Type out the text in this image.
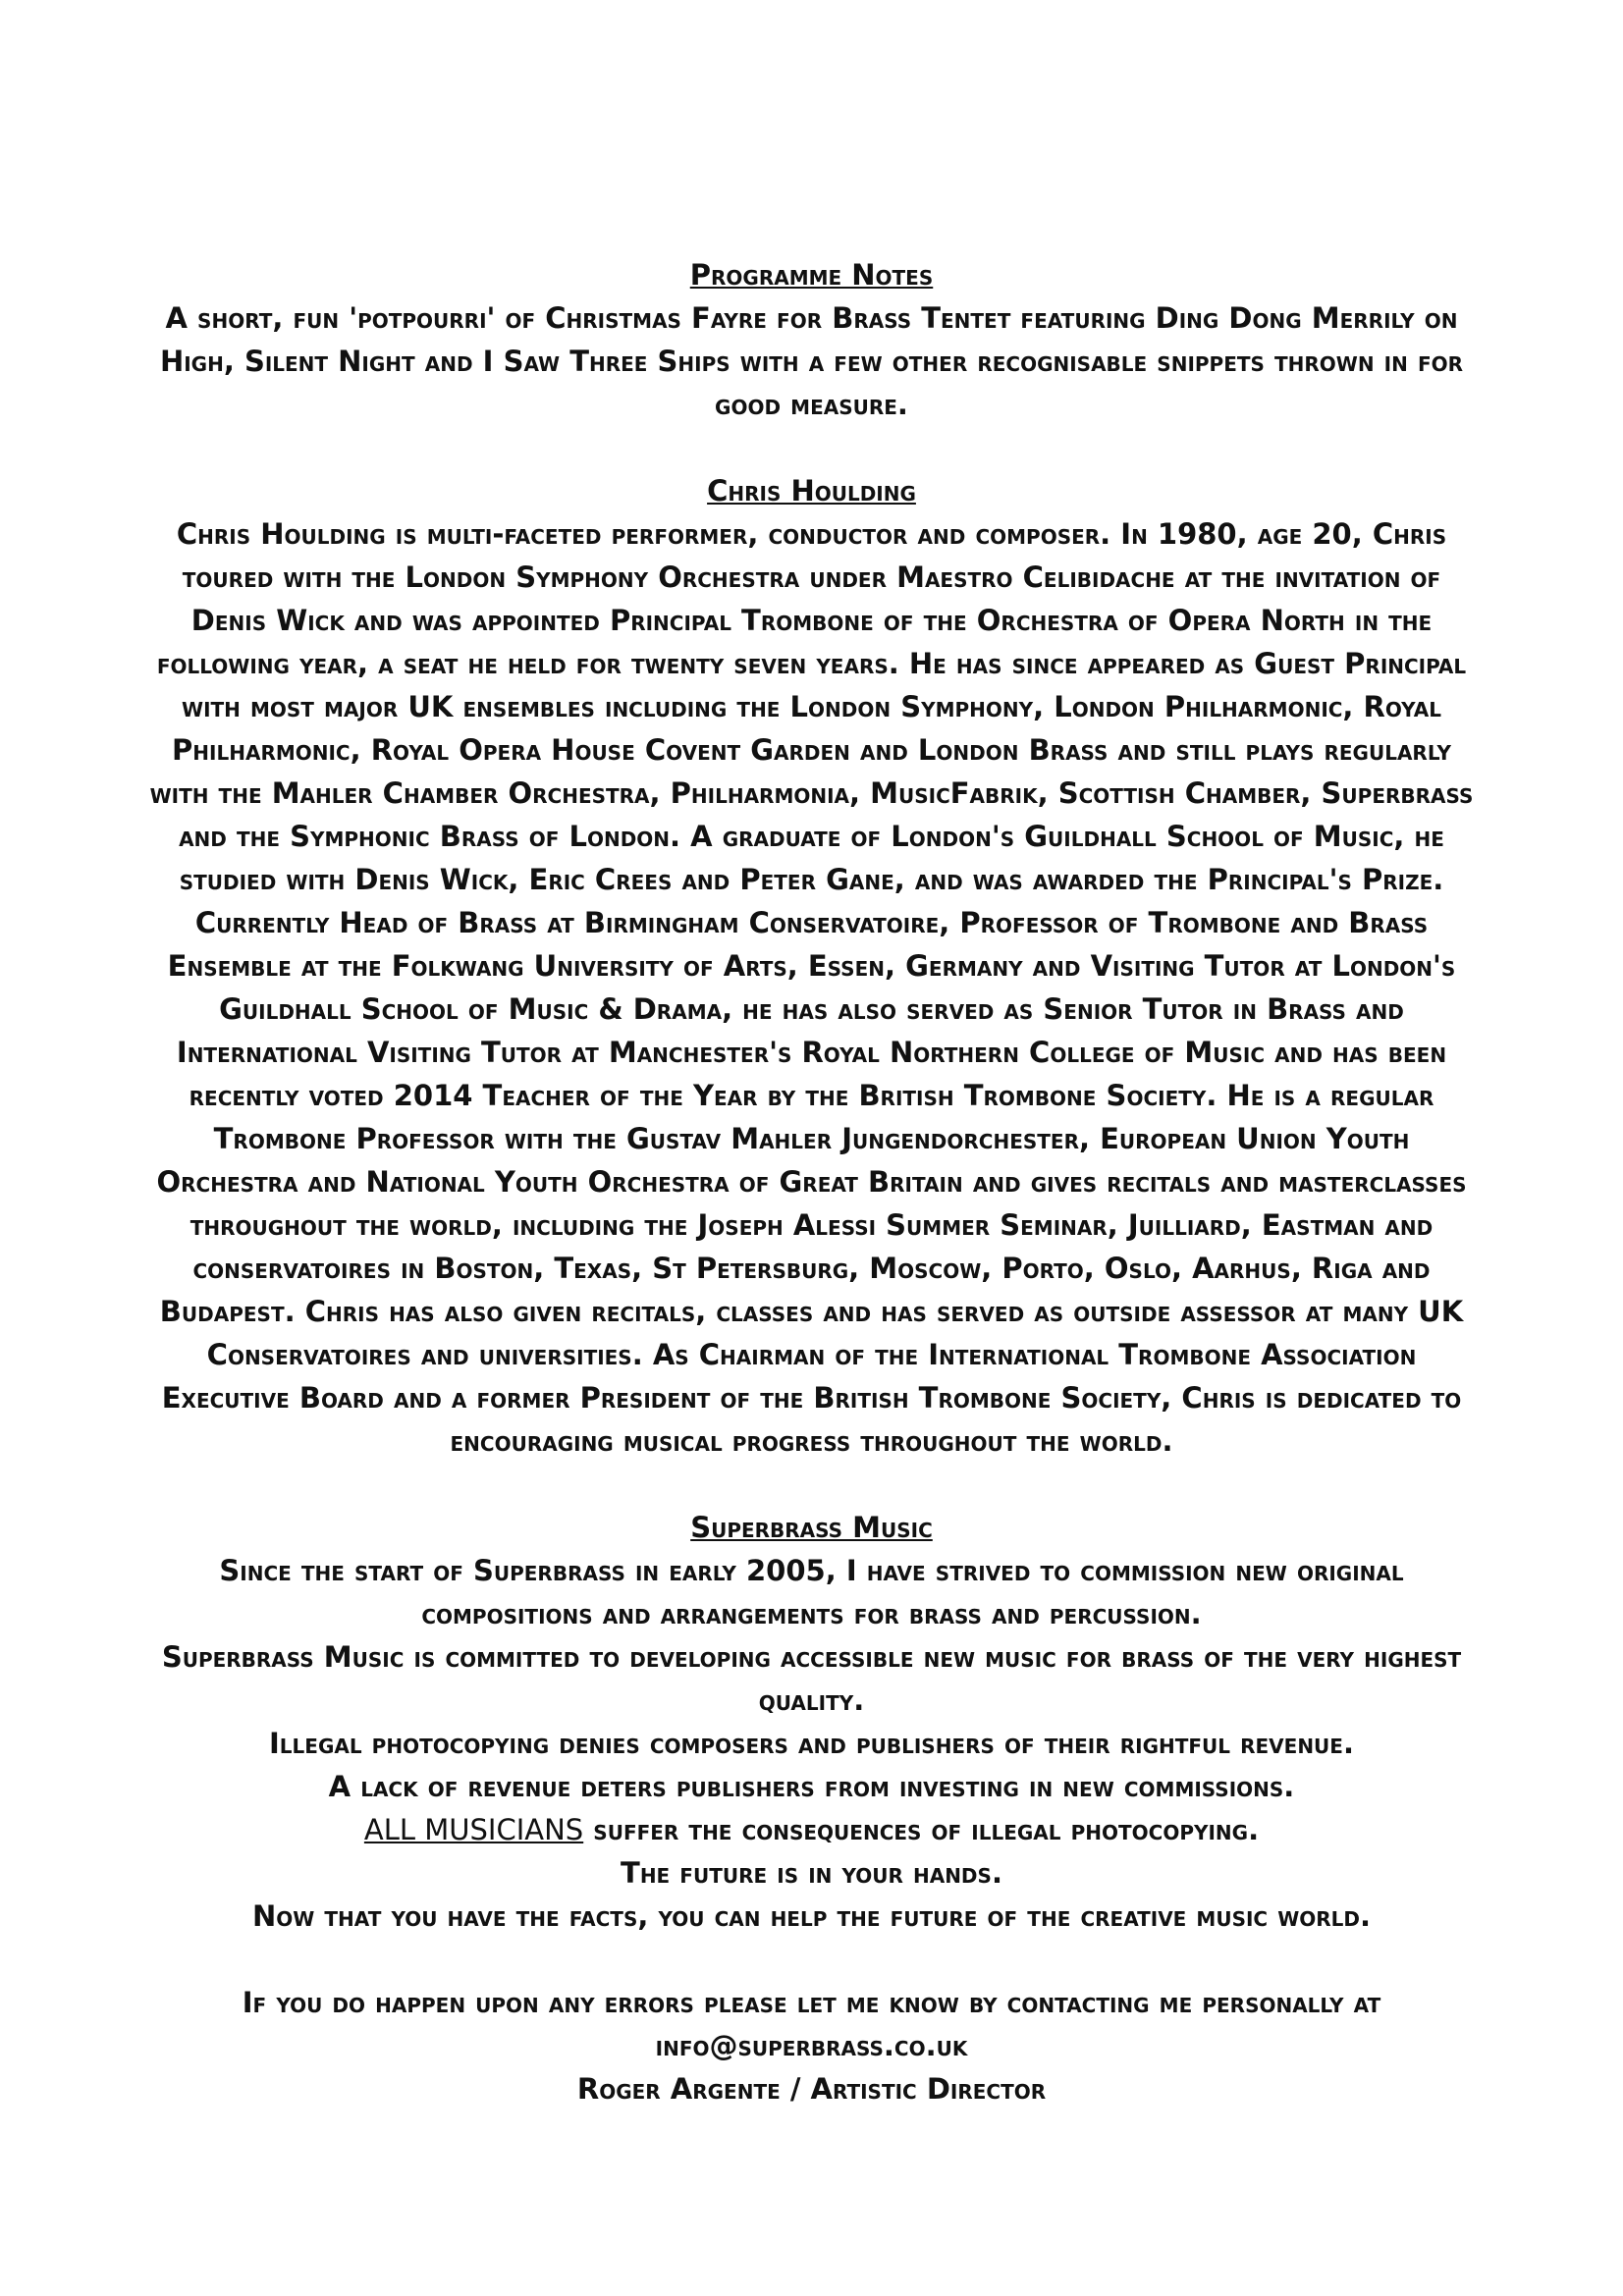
Programme Notes

A short, fun 'potpourri' of Christmas Fayre for Brass Tentet featuring Ding Dong Merrily on High, Silent Night and I Saw Three Ships with a few other recognisable snippets thrown in for good measure.

Chris Houlding

Chris Houlding is multi-faceted performer, conductor and composer. In 1980, age 20, Chris toured with the London Symphony Orchestra under Maestro Celibidache at the invitation of Denis Wick and was appointed Principal Trombone of the Orchestra of Opera North in the following year, a seat he held for twenty seven years. He has since appeared as Guest Principal with most major UK ensembles including the London Symphony, London Philharmonic, Royal Philharmonic, Royal Opera House Covent Garden and London Brass and still plays regularly with the Mahler Chamber Orchestra, Philharmonia, MusicFabrik, Scottish Chamber, Superbrass and the Symphonic Brass of London. A graduate of London's Guildhall School of Music, he studied with Denis Wick, Eric Crees and Peter Gane, and was awarded the Principal's Prize. Currently Head of Brass at Birmingham Conservatoire, Professor of Trombone and Brass Ensemble at the Folkwang University of Arts, Essen, Germany and Visiting Tutor at London's Guildhall School of Music & Drama, he has also served as Senior Tutor in Brass and International Visiting Tutor at Manchester's Royal Northern College of Music and has been recently voted 2014 Teacher of the Year by the British Trombone Society. He is a regular Trombone Professor with the Gustav Mahler Jungendorchester, European Union Youth Orchestra and National Youth Orchestra of Great Britain and gives recitals and masterclasses throughout the world, including the Joseph Alessi Summer Seminar, Juilliard, Eastman and conservatoires in Boston, Texas, St Petersburg, Moscow, Porto, Oslo, Aarhus, Riga and Budapest. Chris has also given recitals, classes and has served as outside assessor at many UK Conservatoires and universities. As Chairman of the International Trombone Association Executive Board and a former President of the British Trombone Society, Chris is dedicated to encouraging musical progress throughout the world.

Superbrass Music
Since the start of Superbrass in early 2005, I have strived to commission new original compositions and arrangements for brass and percussion.
Superbrass Music is committed to developing accessible new music for brass of the very highest quality.
Illegal photocopying denies composers and publishers of their rightful revenue.
A lack of revenue deters publishers from investing in new commissions.
ALL MUSICIANS suffer the consequences of illegal photocopying.
The future is in your hands.
Now that you have the facts, you can help the future of the creative music world.
If you do happen upon any errors please let me know by contacting me personally at
info@superbrass.co.uk
Roger Argente / Artistic Director
